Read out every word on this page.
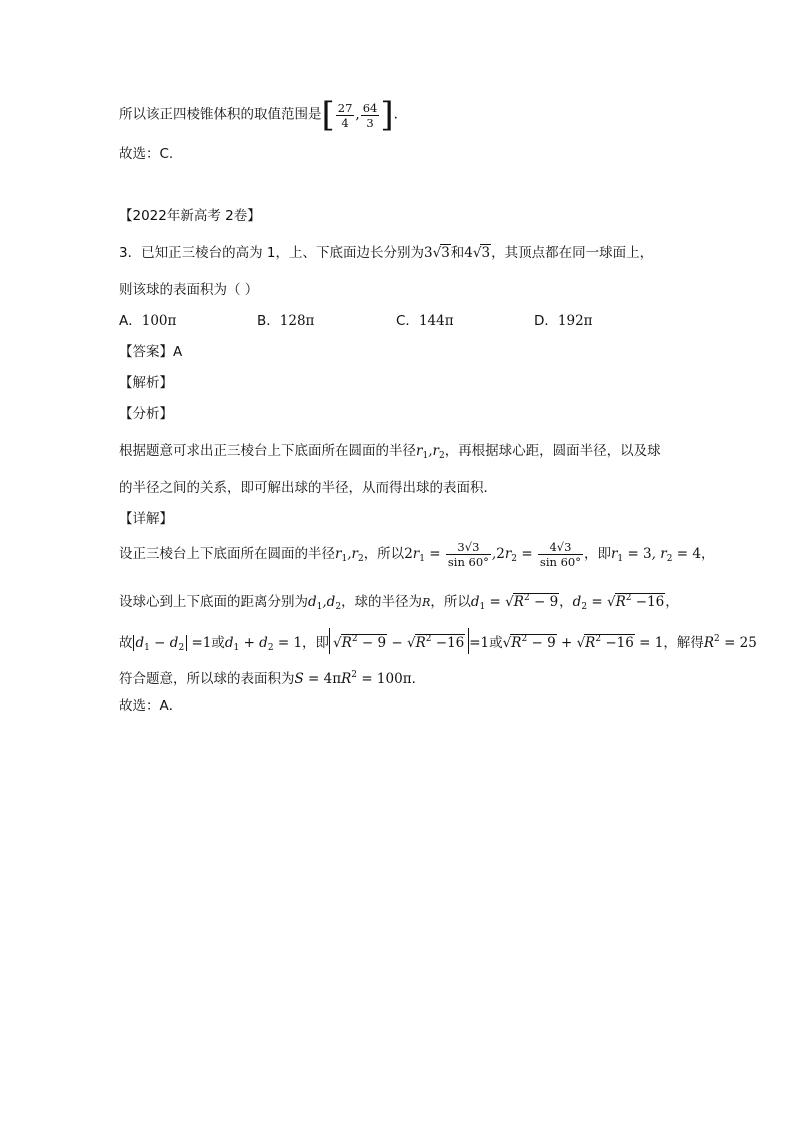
所以该正四棱锥体积的取值范围是[ $\frac{27}{4}$ , $\frac{64}{3}$ ].
故选：C.
【2022年新高考 2卷】
3．已知正三棱台的高为 1，上、下底面边长分别为3√3和4√3，其顶点都在同一球面上，
则该球的表面积为（ ）
A．100π	B．128π	C．144π	D．192π
【答案】A
【解析】
【分析】
根据题意可求出正三棱台上下底面所在圆面的半径$r_1,r_2$，再根据球心距，圆面半径，以及球
的半径之间的关系，即可解出球的半径，从而得出球的表面积．
【详解】
设正三棱台上下底面所在圆面的半径$r_1,r_2$，所以$2r_1 = \frac{3√3}{\sin 60^\circ} ,2r_2 = \frac{4√3}{\sin 60^\circ}$ ，即$r_1 = 3$, $r_2 = 4$，
设球心到上下底面的距离分别为$d_1,d_2$，球的半径为R，所以$d_1 = √R^2 - 9$，$d_2 = √R^2 -16$，
故 $d_1 - d_2 =1$或$d_1 + d_2 = 1$，即 $√R^2 - 9 - √R^2 -16 =1$或$√R^2 - 9 + √R^2 -16 = 1$，解得$R^2 = 25$
符合题意，所以球的表面积为$S = 4\pi R^2 = 100\pi$．
故选：A．
